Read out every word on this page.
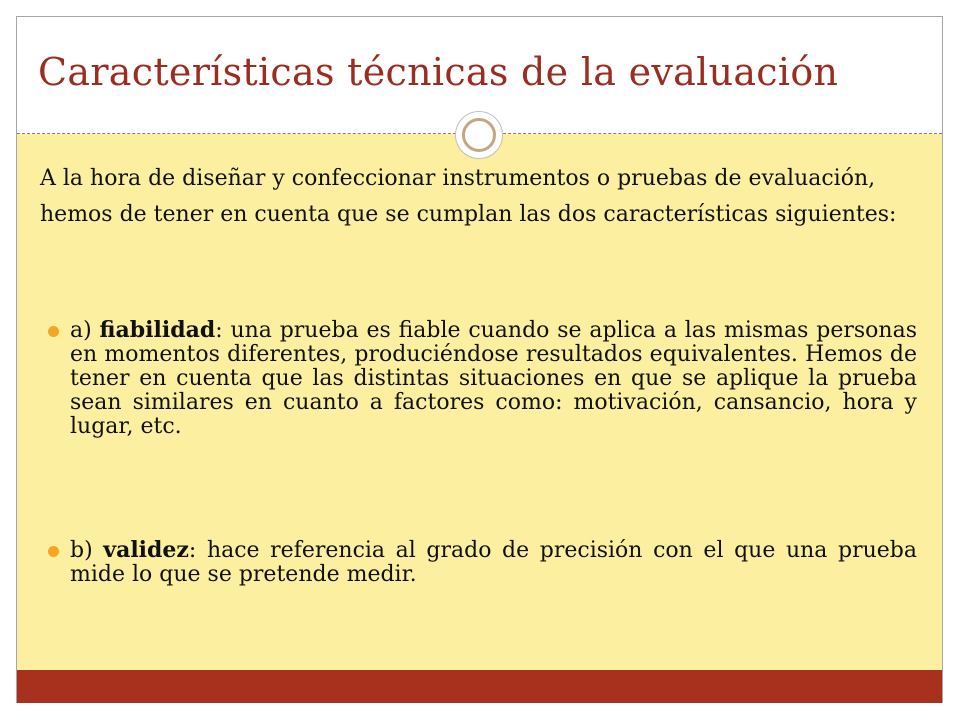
Características técnicas de la evaluación

A la hora de diseñar y confeccionar instrumentos o pruebas de evaluación, hemos de tener en cuenta que se cumplan las dos características siguientes:

a) fiabilidad: una prueba es fiable cuando se aplica a las mismas personas en momentos diferentes, produciéndose resultados equivalentes. Hemos de tener en cuenta que las distintas situaciones en que se aplique la prueba sean similares en cuanto a factores como: motivación, cansancio, hora y lugar, etc.

b) validez: hace referencia al grado de precisión con el que una prueba mide lo que se pretende medir.
